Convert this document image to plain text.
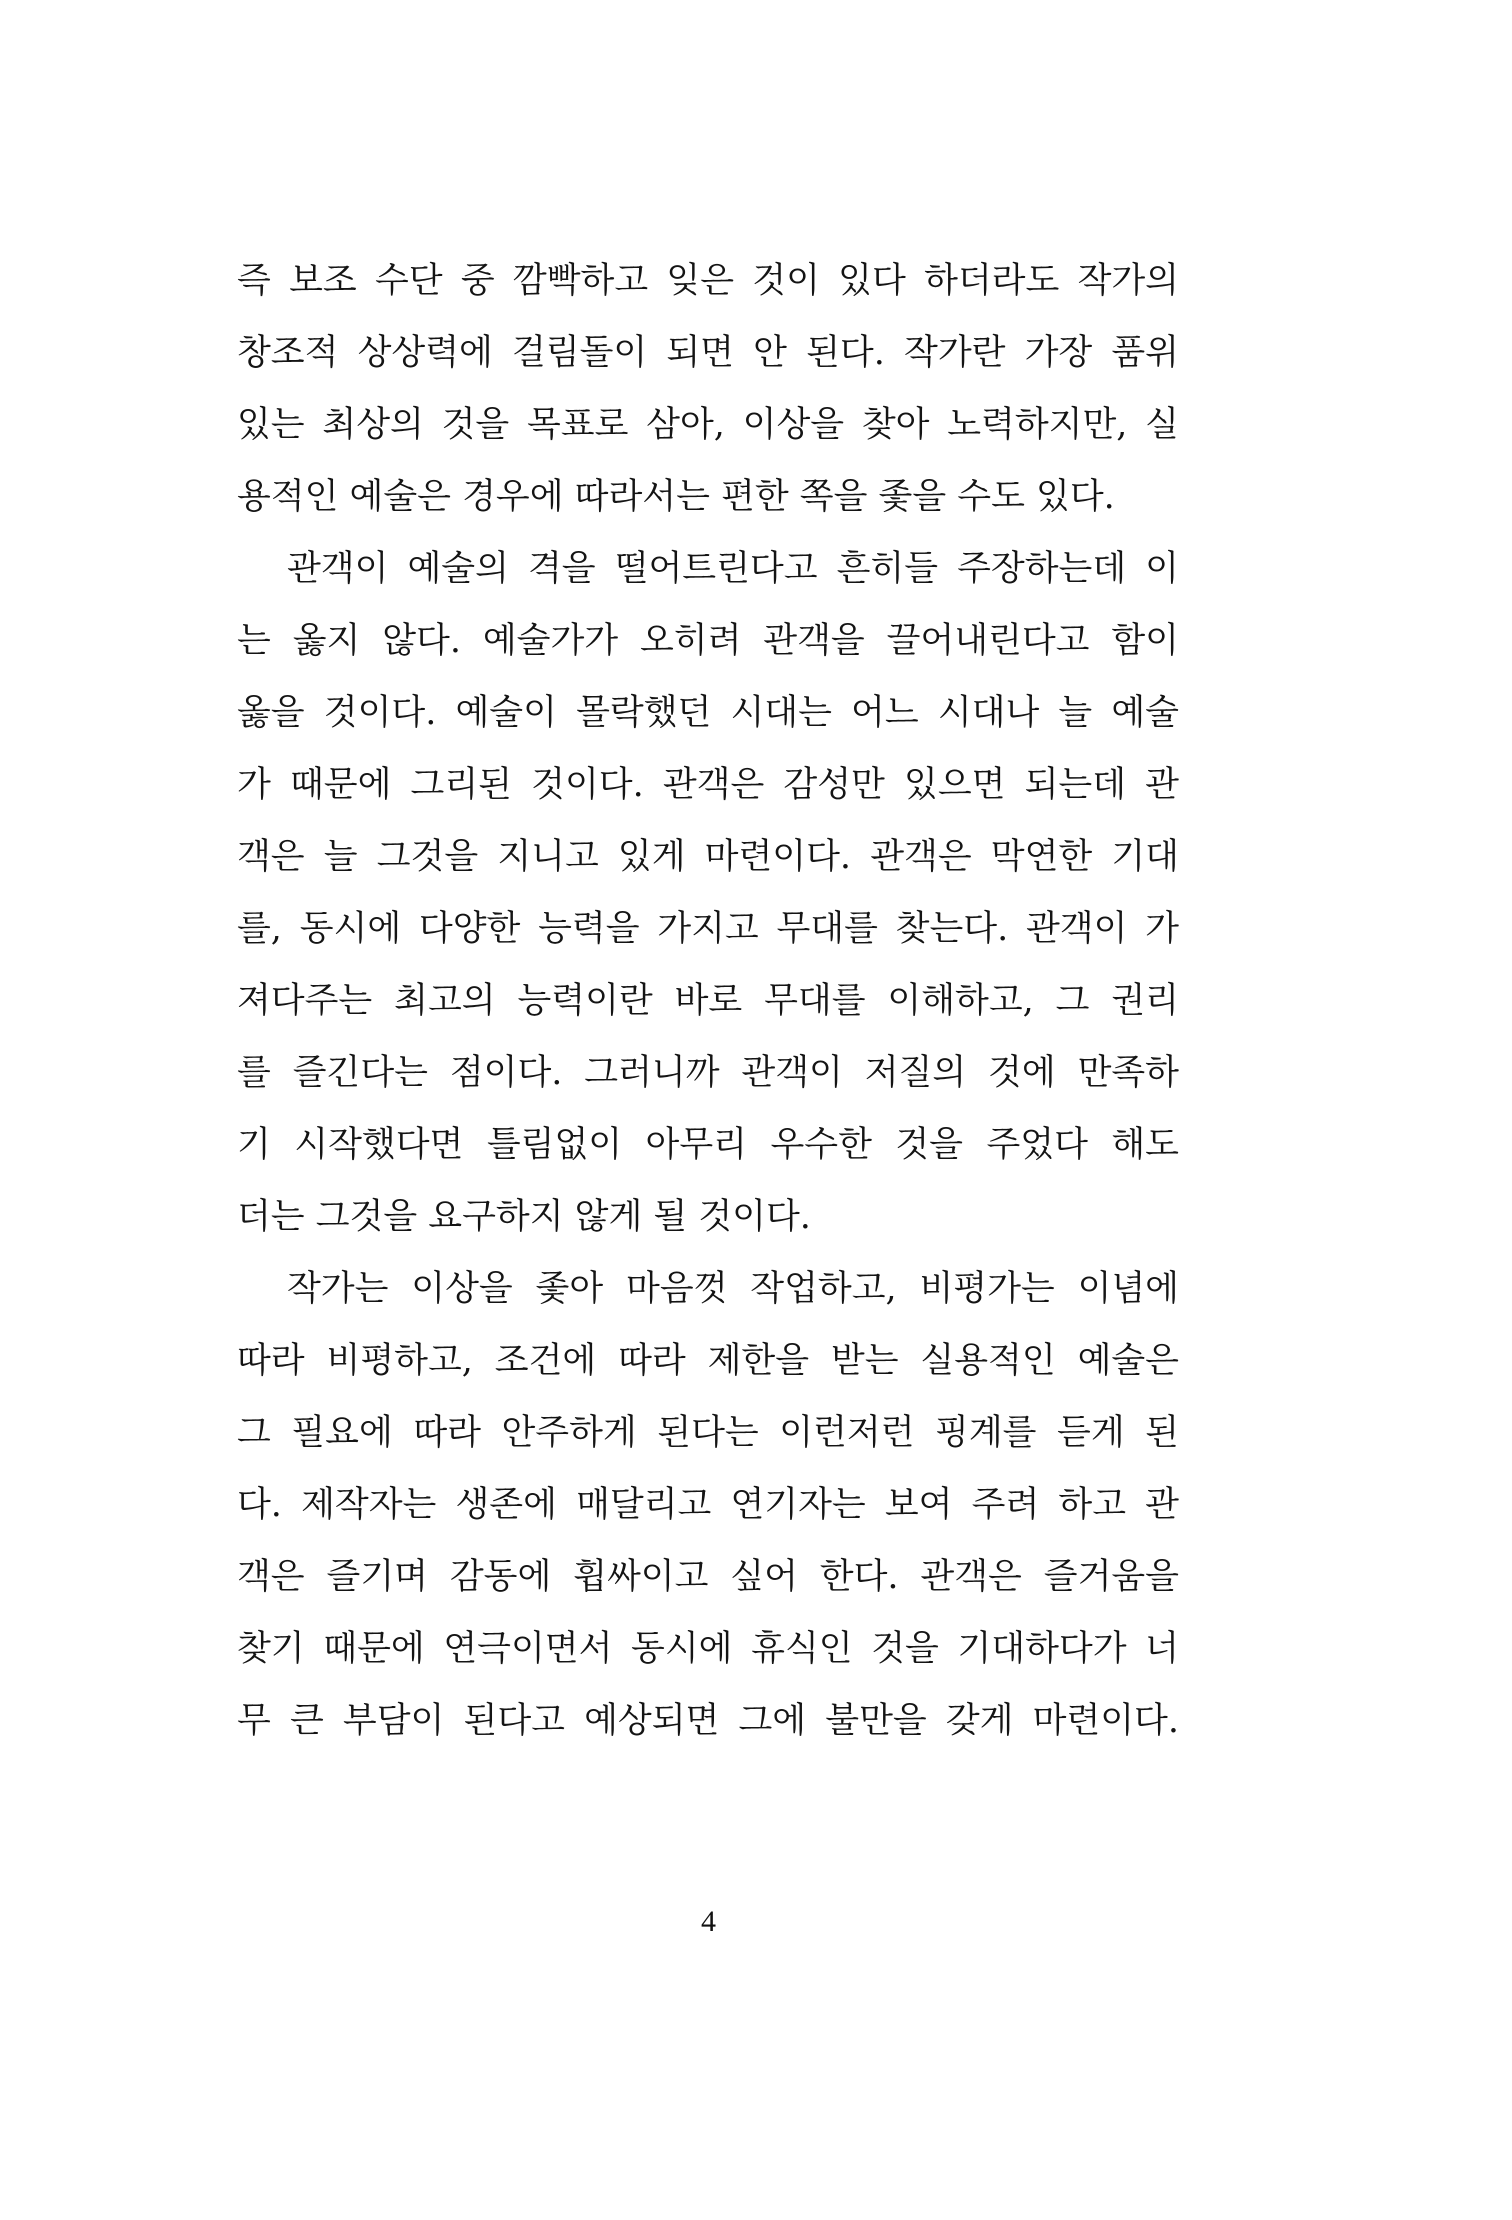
즉 보조 수단 중 깜빡하고 잊은 것이 있다 하더라도 작가의
창조적 상상력에 걸림돌이 되면 안 된다. 작가란 가장 품위
있는 최상의 것을 목표로 삼아, 이상을 찾아 노력하지만, 실
용적인 예술은 경우에 따라서는 편한 쪽을 좇을 수도 있다.
관객이 예술의 격을 떨어트린다고 흔히들 주장하는데 이
는 옳지 않다. 예술가가 오히려 관객을 끌어내린다고 함이
옳을 것이다. 예술이 몰락했던 시대는 어느 시대나 늘 예술
가 때문에 그리된 것이다. 관객은 감성만 있으면 되는데 관
객은 늘 그것을 지니고 있게 마련이다. 관객은 막연한 기대
를, 동시에 다양한 능력을 가지고 무대를 찾는다. 관객이 가
져다주는 최고의 능력이란 바로 무대를 이해하고, 그 권리
를 즐긴다는 점이다. 그러니까 관객이 저질의 것에 만족하
기 시작했다면 틀림없이 아무리 우수한 것을 주었다 해도
더는 그것을 요구하지 않게 될 것이다.
작가는 이상을 좇아 마음껏 작업하고, 비평가는 이념에
따라 비평하고, 조건에 따라 제한을 받는 실용적인 예술은
그 필요에 따라 안주하게 된다는 이런저런 핑계를 듣게 된
다. 제작자는 생존에 매달리고 연기자는 보여 주려 하고 관
객은 즐기며 감동에 휩싸이고 싶어 한다. 관객은 즐거움을
찾기 때문에 연극이면서 동시에 휴식인 것을 기대하다가 너
무 큰 부담이 된다고 예상되면 그에 불만을 갖게 마련이다.
4
